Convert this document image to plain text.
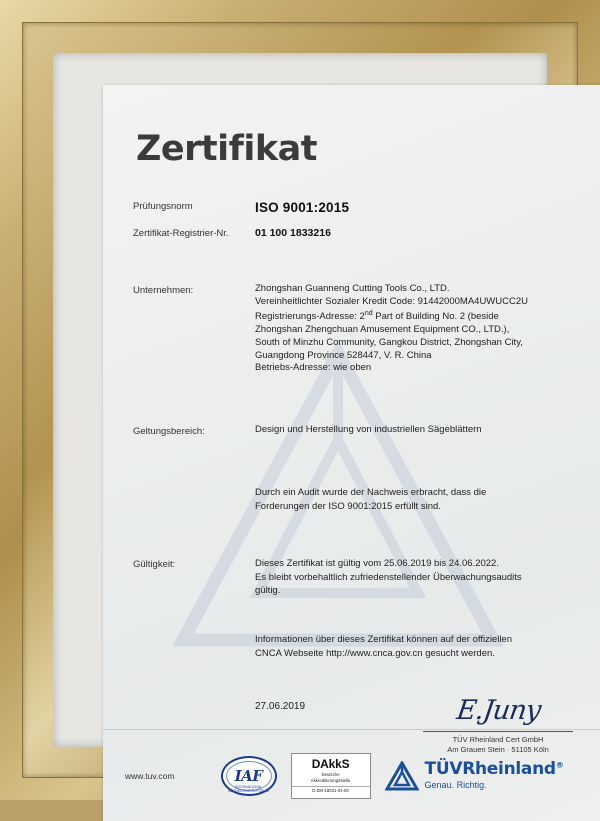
Zertifikat
Prüfungsnorm	ISO 9001:2015
Zertifikat-Registrier-Nr.	01 100 1833216
Unternehmen:	Zhongshan Guanneng Cutting Tools Co., LTD.
Vereinheitlichter Sozialer Kredit Code: 91442000MA4UWUCC2U
Registrierungs-Adresse: 2nd Part of Building No. 2 (beside
Zhongshan Zhengchuan Amusement Equipment CO., LTD.),
South of Minzhu Community, Gangkou District, Zhongshan City,
Guangdong Province 528447, V. R. China
Betriebs-Adresse: wie oben
Geltungsbereich:	Design und Herstellung von industriellen Sägeblättern
Durch ein Audit wurde der Nachweis erbracht, dass die
Forderungen der ISO 9001:2015 erfüllt sind.
Gültigkeit:	Dieses Zertifikat ist gültig vom 25.06.2019 bis 24.06.2022.
Es bleibt vorbehaltlich zufriedenstellender Überwachungsaudits
gültig.
Informationen über dieses Zertifikat können auf der offiziellen
CNCA Webseite http://www.cnca.gov.cn gesucht werden.
27.06.2019	E.Juny
TÜV Rheinland Cert GmbH
Am Grauen Stein · 51105 Köln
www.tuv.com	IAF
INTERNATIONAL ACCREDITATION FORUM
DAkkS
Deutsche
Akkreditierungsstelle
D-ZM-18031-01-00
TÜVRheinland®
Genau. Richtig.
